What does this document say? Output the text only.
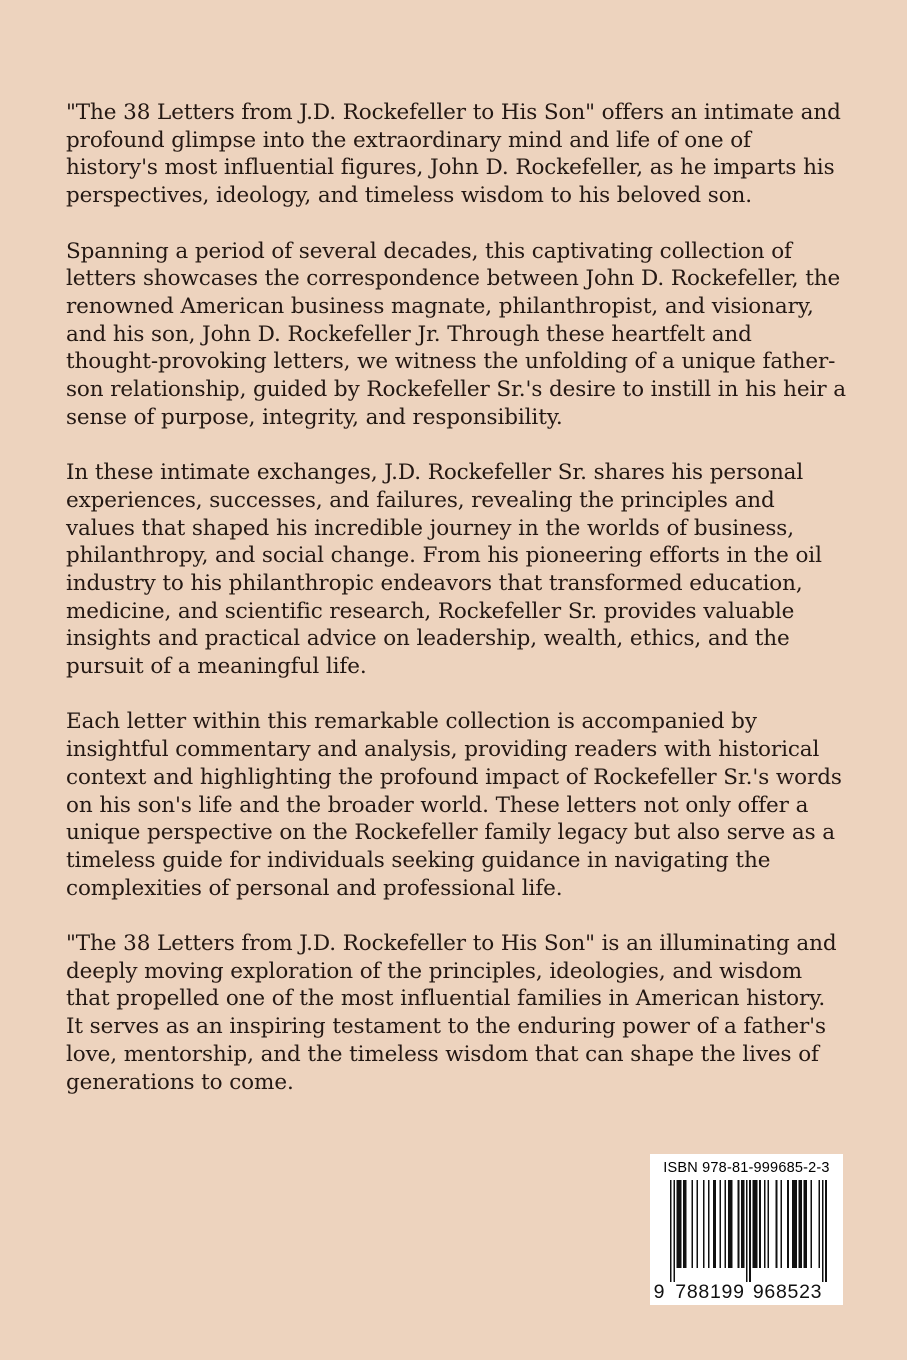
"The 38 Letters from J.D. Rockefeller to His Son" offers an intimate and profound glimpse into the extraordinary mind and life of one of history's most influential figures, John D. Rockefeller, as he imparts his perspectives, ideology, and timeless wisdom to his beloved son.

Spanning a period of several decades, this captivating collection of letters showcases the correspondence between John D. Rockefeller, the renowned American business magnate, philanthropist, and visionary, and his son, John D. Rockefeller Jr. Through these heartfelt and thought-provoking letters, we witness the unfolding of a unique father-son relationship, guided by Rockefeller Sr.'s desire to instill in his heir a sense of purpose, integrity, and responsibility.

In these intimate exchanges, J.D. Rockefeller Sr. shares his personal experiences, successes, and failures, revealing the principles and values that shaped his incredible journey in the worlds of business, philanthropy, and social change. From his pioneering efforts in the oil industry to his philanthropic endeavors that transformed education, medicine, and scientific research, Rockefeller Sr. provides valuable insights and practical advice on leadership, wealth, ethics, and the pursuit of a meaningful life.

Each letter within this remarkable collection is accompanied by insightful commentary and analysis, providing readers with historical context and highlighting the profound impact of Rockefeller Sr.'s words on his son's life and the broader world. These letters not only offer a unique perspective on the Rockefeller family legacy but also serve as a timeless guide for individuals seeking guidance in navigating the complexities of personal and professional life.

"The 38 Letters from J.D. Rockefeller to His Son" is an illuminating and deeply moving exploration of the principles, ideologies, and wisdom that propelled one of the most influential families in American history. It serves as an inspiring testament to the enduring power of a father's love, mentorship, and the timeless wisdom that can shape the lives of generations to come.

ISBN 978-81-999685-2-3
9 7 8 8 1 9 9 9 6 8 5 2 3
